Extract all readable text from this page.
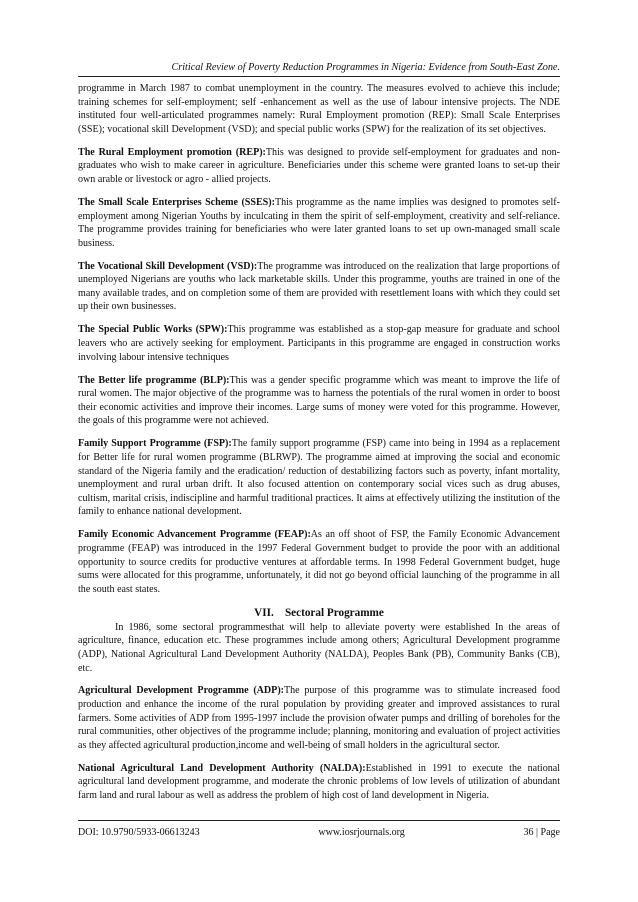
Critical Review of Poverty Reduction Programmes in Nigeria: Evidence from South-East Zone.

programme in March 1987 to combat unemployment in the country. The measures evolved to achieve this include; training schemes for self-employment; self -enhancement as well as the use of labour intensive projects. The NDE instituted four well-articulated programmes namely: Rural Employment promotion (REP): Small Scale Enterprises (SSE); vocational skill Development (VSD); and special public works (SPW) for the realization of its set objectives.

The Rural Employment promotion (REP):This was designed to provide self-employment for graduates and non-graduates who wish to make career in agriculture. Beneficiaries under this scheme were granted loans to set-up their own arable or livestock or agro - allied projects.

The Small Scale Enterprises Scheme (SSES):This programme as the name implies was designed to promotes self-employment among Nigerian Youths by inculcating in them the spirit of self-employment, creativity and self-reliance. The programme provides training for beneficiaries who were later granted loans to set up own-managed small scale business.

The Vocational Skill Development (VSD):The programme was introduced on the realization that large proportions of unemployed Nigerians are youths who lack marketable skills. Under this programme, youths are trained in one of the many available trades, and on completion some of them are provided with resettlement loans with which they could set up their own businesses.

The Special Public Works (SPW):This programme was established as a stop-gap measure for graduate and school leavers who are actively seeking for employment. Participants in this programme are engaged in construction works involving labour intensive techniques

The Better life programme (BLP):This was a gender specific programme which was meant to improve the life of rural women. The major objective of the programme was to harness the potentials of the rural women in order to boost their economic activities and improve their incomes. Large sums of money were voted for this programme. However, the goals of this programme were not achieved.

Family Support Programme (FSP):The family support programme (FSP) came into being in 1994 as a replacement for Better life for rural women programme (BLRWP). The programme aimed at improving the social and economic standard of the Nigeria family and the eradication/ reduction of destabilizing factors such as poverty, infant mortality, unemployment and rural urban drift. It also focused attention on contemporary social vices such as drug abuses, cultism, marital crisis, indiscipline and harmful traditional practices. It aims at effectively utilizing the institution of the family to enhance national development.

Family Economic Advancement Programme (FEAP):As an off shoot of FSP, the Family Economic Advancement programme (FEAP) was introduced in the 1997 Federal Government budget to provide the poor with an additional opportunity to source credits for productive ventures at affordable terms. In 1998 Federal Government budget, huge sums were allocated for this programme, unfortunately, it did not go beyond official launching of the programme in all the south east states.

VII. Sectoral Programme

In 1986, some sectoral programmesthat will help to alleviate poverty were established In the areas of agriculture, finance, education etc. These programmes include among others; Agricultural Development programme (ADP), National Agricultural Land Development Authority (NALDA), Peoples Bank (PB), Community Banks (CB), etc.

Agricultural Development Programme (ADP):The purpose of this programme was to stimulate increased food production and enhance the income of the rural population by providing greater and improved assistances to rural farmers. Some activities of ADP from 1995-1997 include the provision ofwater pumps and drilling of boreholes for the rural communities, other objectives of the programme include; planning, monitoring and evaluation of project activities as they affected agricultural production,income and well-being of small holders in the agricultural sector.

National Agricultural Land Development Authority (NALDA):Established in 1991 to execute the national agricultural land development programme, and moderate the chronic problems of low levels of utilization of abundant farm land and rural labour as well as address the problem of high cost of land development in Nigeria.

DOI: 10.9790/5933-06613243	www.iosrjournals.org	36 | Page
